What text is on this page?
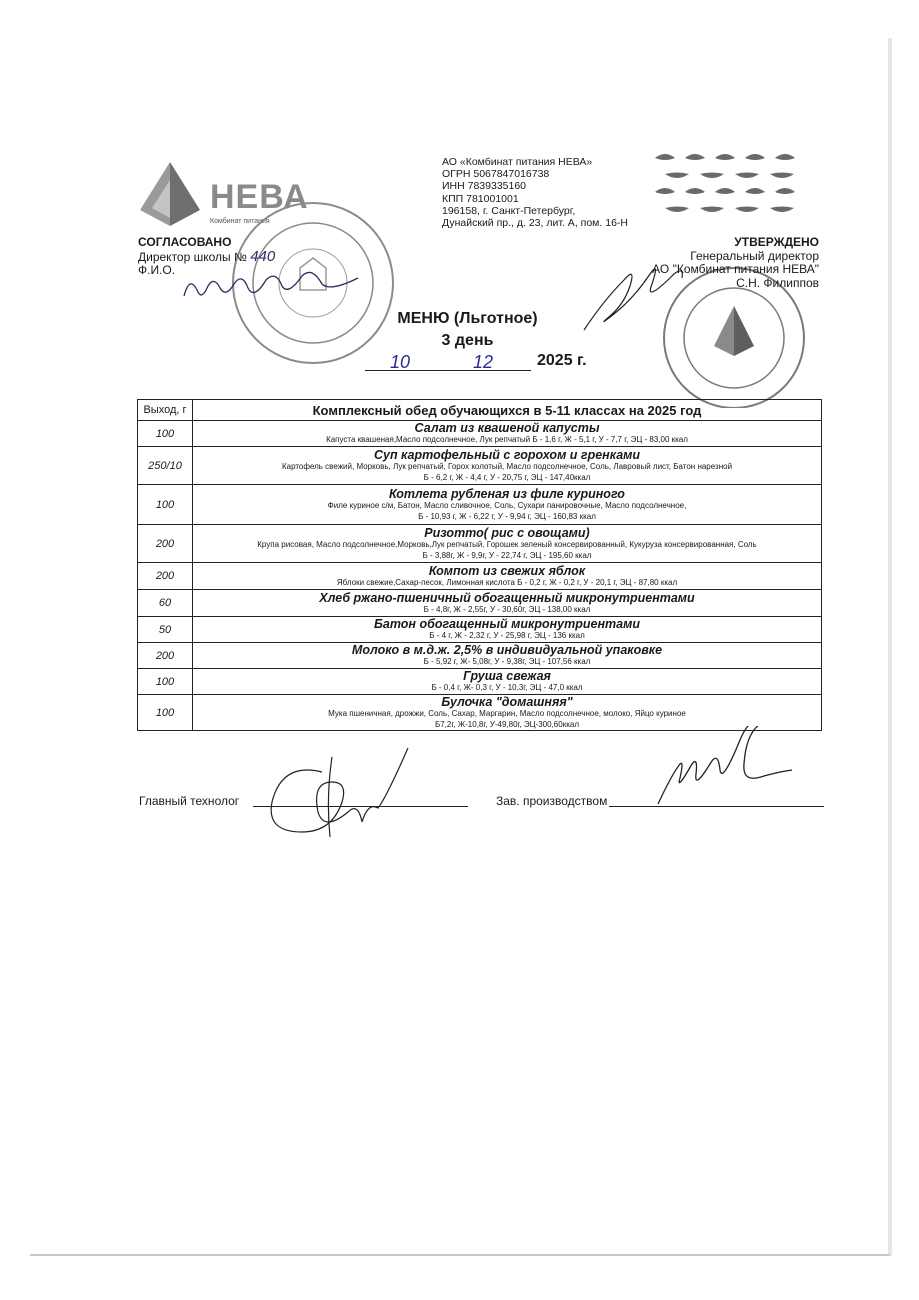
НЕВА
Комбинат питания
АО «Комбинат питания НЕВА»
ОГРН 5067847016738
ИНН 7839335160
КПП 781001001
196158, г. Санкт-Петербург,
Дунайский пр., д. 23, лит. А, пом. 16-Н
СОГЛАСОВАНО
Директор школы № 440
Ф.И.О.
УТВЕРЖДЕНО
Генеральный директор
АО "Комбинат питания НЕВА"
С.Н. Филиппов
МЕНЮ (Льготное)
3 день
10	12	2025 г.
Выход, г	Комплексный обед обучающихся в 5-11 классах на 2025 год
100	Салат из квашеной капусты
Капуста квашеная,Масло подсолнечное, Лук репчатый Б - 1,6 г, Ж - 5,1 г, У - 7,7 г, ЭЦ - 83,00 ккал

250/10	Суп картофельный с горохом и гренками
Картофель свежий, Морковь, Лук репчатый, Горох колотый, Масло подсолнечное, Соль, Лавровый лист, Батон нарезной
Б - 6,2 г, Ж - 4,4 г, У - 20,75 г, ЭЦ - 147,40ккал

100	Котлета рубленая из филе куриного
Филе куриное с/м, Батон, Масло сливочное, Соль, Сухари панировочные, Масло подсолнечное,
Б - 10,93 г, Ж - 6,22 г, У - 9,94 г, ЭЦ - 160,83 ккал

200	Ризотто( рис с овощами)
Крупа рисовая, Масло подсолнечное,Морковь,Лук репчатый, Горошек зеленый консервированный, Кукуруза консервированная, Соль
Б - 3,88г, Ж - 9,9г, У - 22,74 г, ЭЦ - 195,60 ккал

200	Компот из свежих яблок
Яблоки свежие,Сахар-песок, Лимонная кислота Б - 0,2 г, Ж - 0,2 г, У - 20,1 г, ЭЦ - 87,80 ккал

60	Хлеб ржано-пшеничный обогащенный микронутриентами
Б - 4,8г, Ж - 2,55г, У - 30,60г, ЭЦ - 138,00 ккал

50	Батон обогащенный микронутриентами
Б - 4 г, Ж - 2,32 г, У - 25,98 г, ЭЦ - 136 ккал

200	Молоко в м.д.ж. 2,5% в индивидуальной упаковке
Б - 5,92 г, Ж- 5,08г, У - 9,38г, ЭЦ - 107,56 ккал

100	Груша свежая
Б - 0,4 г, Ж- 0,3 г, У - 10,3г, ЭЦ - 47,0 ккал

100	Булочка "домашняя"
Мука пшеничная, дрожжи, Соль, Сахар, Маргарин, Масло подсолнечное, молоко, Яйцо куриное
Б7,2г, Ж-10,8г, У-49,80г, ЭЦ-300,60ккал
Главный технолог	Зав. производством
